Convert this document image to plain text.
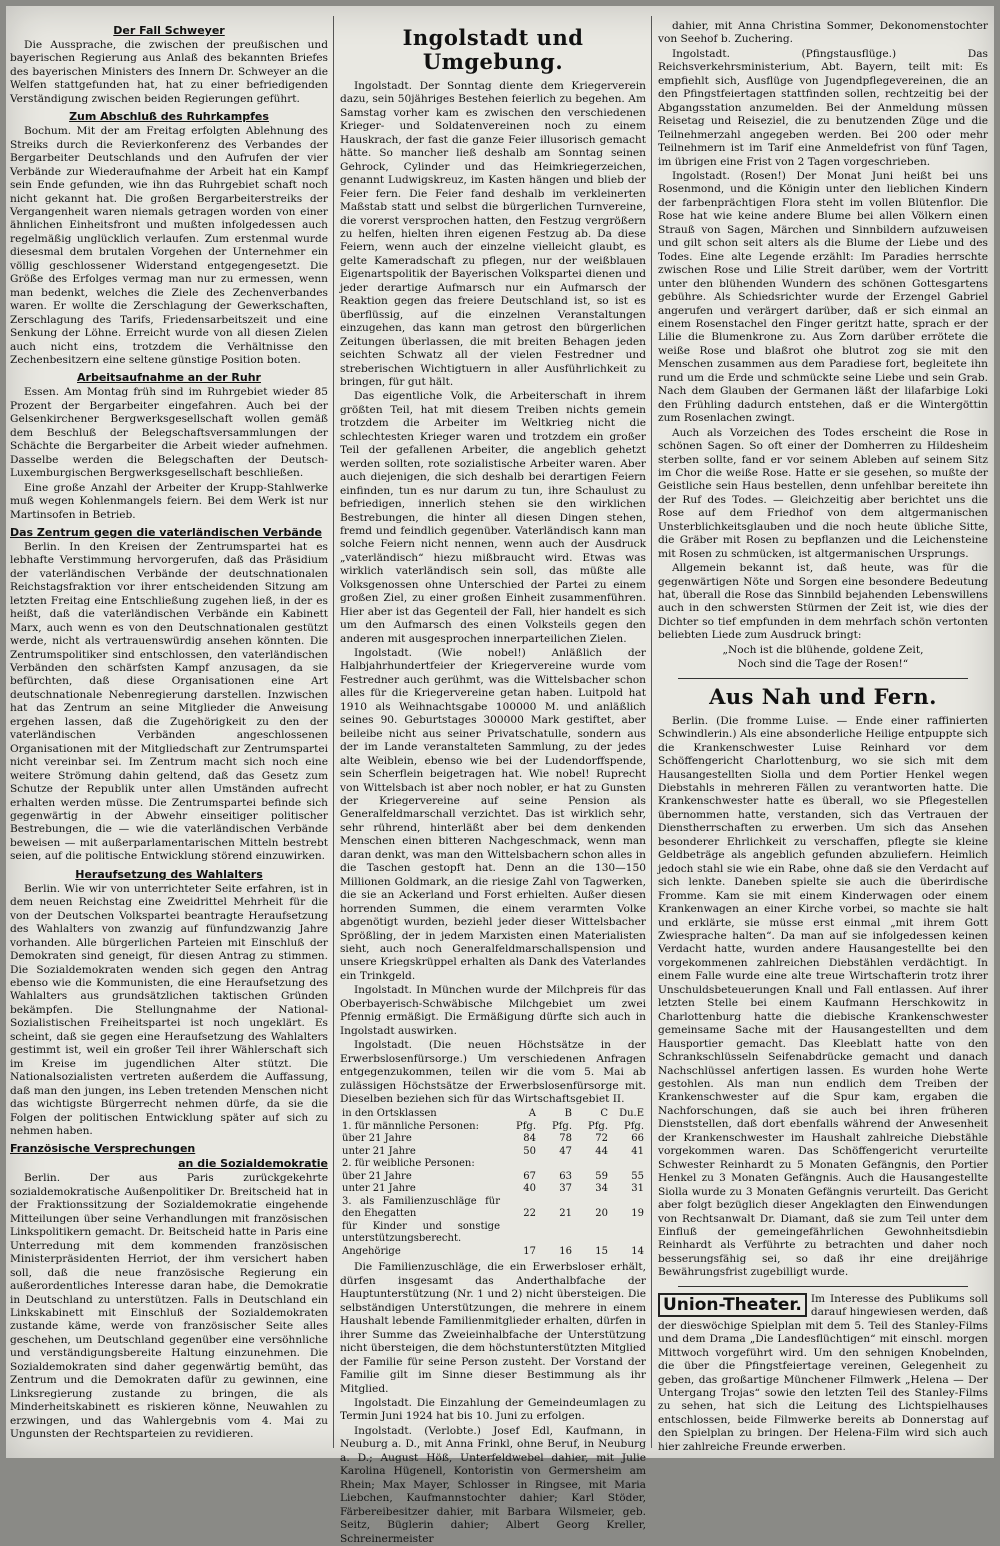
Der Fall Schweyer

Die Aussprache, die zwischen der preußischen und bayerischen Regierung aus Anlaß des bekannten Briefes des bayerischen Ministers des Innern Dr. Schweyer an die Welfen stattgefunden hat, hat zu einer befriedigenden Verständigung zwischen beiden Regierungen geführt.

Zum Abschluß des Ruhrkampfes

Bochum. Mit der am Freitag erfolgten Ablehnung des Streiks durch die Revierkonferenz des Verbandes der Bergarbeiter Deutschlands und den Aufrufen der vier Verbände zur Wiederaufnahme der Arbeit hat ein Kampf sein Ende gefunden, wie ihn das Ruhrgebiet schaft noch nicht gekannt hat. Die großen Bergarbeiterstreiks der Vergangenheit waren niemals getragen worden von einer ähnlichen Einheitsfront und mußten infolgedessen auch regelmäßig unglücklich verlaufen. Zum erstenmal wurde diesesmal dem brutalen Vorgehen der Unternehmer ein völlig geschlossener Widerstand entgegengesetzt. Die Größe des Erfolges vermag man nur zu ermessen, wenn man bedenkt, welches die Ziele des Zechenverbandes waren. Er wollte die Zerschlagung der Gewerkschaften, Zerschlagung des Tarifs, Friedensarbeitszeit und eine Senkung der Löhne. Erreicht wurde von all diesen Zielen auch nicht eins, trotzdem die Verhältnisse den Zechenbesitzern eine seltene günstige Position boten.

Arbeitsaufnahme an der Ruhr

Essen. Am Montag früh sind im Ruhrgebiet wieder 85 Prozent der Bergarbeiter eingefahren. Auch bei der Gelsenkirchener Bergwerksgesellschaft wollen gemäß dem Beschluß der Belegschaftsversammlungen der Schächte die Bergarbeiter die Arbeit wieder aufnehmen. Dasselbe werden die Belegschaften der Deutsch-Luxemburgischen Bergwerksgesellschaft beschließen.

Eine große Anzahl der Arbeiter der Krupp-Stahlwerke muß wegen Kohlenmangels feiern. Bei dem Werk ist nur Martinsofen in Betrieb.

Das Zentrum gegen die vaterländischen Verbände

Berlin. In den Kreisen der Zentrumspartei hat es lebhafte Verstimmung hervorgerufen, daß das Präsidium der vaterländischen Verbände der deutschnationalen Reichstagsfraktion vor ihrer entscheidenden Sitzung am letzten Freitag eine Entschließung zugehen ließ, in der es heißt, daß die vaterländischen Verbände ein Kabinett Marx, auch wenn es von den Deutschnationalen gestützt werde, nicht als vertrauenswürdig ansehen könnten. Die Zentrumspolitiker sind entschlossen, den vaterländischen Verbänden den schärfsten Kampf anzusagen, da sie befürchten, daß diese Organisationen eine Art deutschnationale Nebenregierung darstellen. Inzwischen hat das Zentrum an seine Mitglieder die Anweisung ergehen lassen, daß die Zugehörigkeit zu den der vaterländischen Verbänden angeschlossenen Organisationen mit der Mitgliedschaft zur Zentrumspartei nicht vereinbar sei. Im Zentrum macht sich noch eine weitere Strömung dahin geltend, daß das Gesetz zum Schutze der Republik unter allen Umständen aufrecht erhalten werden müsse. Die Zentrumspartei befinde sich gegenwärtig in der Abwehr einseitiger politischer Bestrebungen, die — wie die vaterländischen Verbände beweisen — mit außerparlamentarischen Mitteln bestrebt seien, auf die politische Entwicklung störend einzuwirken.

Heraufsetzung des Wahlalters

Berlin. Wie wir von unterrichteter Seite erfahren, ist in dem neuen Reichstag eine Zweidrittel Mehrheit für die von der Deutschen Volkspartei beantragte Heraufsetzung des Wahlalters von zwanzig auf fünfundzwanzig Jahre vorhanden. Alle bürgerlichen Parteien mit Einschluß der Demokraten sind geneigt, für diesen Antrag zu stimmen. Die Sozialdemokraten wenden sich gegen den Antrag ebenso wie die Kommunisten, die eine Heraufsetzung des Wahlalters aus grundsätzlichen taktischen Gründen bekämpfen. Die Stellungnahme der National-Sozialistischen Freiheitspartei ist noch ungeklärt. Es scheint, daß sie gegen eine Heraufsetzung des Wahlalters gestimmt ist, weil ein großer Teil ihrer Wählerschaft sich im Kreise im jugendlichen Alter stützt. Die Nationalsozialisten vertreten außerdem die Auffassung, daß man den jungen, ins Leben tretenden Menschen nicht das wichtigste Bürgerrecht nehmen dürfe, da sie die Folgen der politischen Entwicklung später auf sich zu nehmen haben.

Französische Versprechungen
an die Sozialdemokratie

Berlin. Der aus Paris zurückgekehrte sozialdemokratische Außenpolitiker Dr. Breitscheid hat in der Fraktionssitzung der Sozialdemokratie eingehende Mitteilungen über seine Verhandlungen mit französischen Linkspolitikern gemacht. Dr. Beitscheid hatte in Paris eine Unterredung mit dem kommenden französischen Ministerpräsidenten Herriot, der ihm versichert haben soll, daß die neue französische Regierung ein außerordentliches Interesse daran habe, die Demokratie in Deutschland zu unterstützen. Falls in Deutschland ein Linkskabinett mit Einschluß der Sozialdemokraten zustande käme, werde von französischer Seite alles geschehen, um Deutschland gegenüber eine versöhnliche und verständigungsbereite Haltung einzunehmen. Die Sozialdemokraten sind daher gegenwärtig bemüht, das Zentrum und die Demokraten dafür zu gewinnen, eine Linksregierung zustande zu bringen, die als Minderheitskabinett es riskieren könne, Neuwahlen zu erzwingen, und das Wahlergebnis vom 4. Mai zu Ungunsten der Rechtsparteien zu revidieren.

Ingolstadt und Umgebung.

Ingolstadt. Der Sonntag diente dem Kriegerverein dazu, sein 50jähriges Bestehen feierlich zu begehen. Am Samstag vorher kam es zwischen den verschiedenen Krieger- und Soldatenvereinen noch zu einem Hauskrach, der fast die ganze Feier illusorisch gemacht hätte. So mancher ließ deshalb am Sonntag seinen Gehrock, Cylinder und das Heimkriegerzeichen, genannt Ludwigskreuz, im Kasten hängen und blieb der Feier fern. Die Feier fand deshalb im verkleinerten Maßstab statt und selbst die bürgerlichen Turnvereine, die vorerst versprochen hatten, den Festzug vergrößern zu helfen, hielten ihren eigenen Festzug ab. Da diese Feiern, wenn auch der einzelne vielleicht glaubt, es gelte Kameradschaft zu pflegen, nur der weißblauen Eigenartspolitik der Bayerischen Volkspartei dienen und jeder derartige Aufmarsch nur ein Aufmarsch der Reaktion gegen das freiere Deutschland ist, so ist es überflüssig, auf die einzelnen Veranstaltungen einzugehen, das kann man getrost den bürgerlichen Zeitungen überlassen, die mit breiten Behagen jeden seichten Schwatz all der vielen Festredner und streberischen Wichtigtuern in aller Ausführlichkeit zu bringen, für gut hält.

Das eigentliche Volk, die Arbeiterschaft in ihrem größten Teil, hat mit diesem Treiben nichts gemein trotzdem die Arbeiter im Weltkrieg nicht die schlechtesten Krieger waren und trotzdem ein großer Teil der gefallenen Arbeiter, die angeblich gehetzt werden sollten, rote sozialistische Arbeiter waren. Aber auch diejenigen, die sich deshalb bei derartigen Feiern einfinden, tun es nur darum zu tun, ihre Schaulust zu befriedigen, innerlich stehen sie den wirklichen Bestrebungen, die hinter all diesen Dingen stehen, fremd und feindlich gegenüber. Vaterländisch kann man solche Feiern nicht nennen, wenn auch der Ausdruck „vaterländisch“ hiezu mißbraucht wird. Etwas was wirklich vaterländisch sein soll, das müßte alle Volksgenossen ohne Unterschied der Partei zu einem großen Ziel, zu einer großen Einheit zusammenführen. Hier aber ist das Gegenteil der Fall, hier handelt es sich um den Aufmarsch des einen Volksteils gegen den anderen mit ausgesprochen innerparteilichen Zielen.

Ingolstadt. (Wie nobel!) Anläßlich der Halbjahrhundertfeier der Kriegervereine wurde vom Festredner auch gerühmt, was die Wittelsbacher schon alles für die Kriegervereine getan haben. Luitpold hat 1910 als Weihnachtsgabe 100000 M. und anläßlich seines 90. Geburtstages 300000 Mark gestiftet, aber beileibe nicht aus seiner Privatschatulle, sondern aus der im Lande veranstalteten Sammlung, zu der jedes alte Weiblein, ebenso wie bei der Ludendorffspende, sein Scherflein beigetragen hat. Wie nobel! Ruprecht von Wittelsbach ist aber noch nobler, er hat zu Gunsten der Kriegervereine auf seine Pension als Generalfeldmarschall verzichtet. Das ist wirklich sehr, sehr rührend, hinterläßt aber bei dem denkenden Menschen einen bitteren Nachgeschmack, wenn man daran denkt, was man den Wittelsbachern schon alles in die Taschen gestopft hat. Denn an die 130—150 Millionen Goldmark, an die riesige Zahl von Tagwerken, die sie an Ackerland und Forst erhielten. Außer diesen horrenden Summen, die einem verarmten Volke abgenötigt wurden, beziehl jeder dieser Wittelsbacher Sprößling, der in jedem Marxisten einen Materialisten sieht, auch noch Generalfeldmarschallspension und unsere Kriegskrüppel erhalten als Dank des Vaterlandes ein Trinkgeld.

Ingolstadt. In München wurde der Milchpreis für das Oberbayerisch-Schwäbische Milchgebiet um zwei Pfennig ermäßigt. Die Ermäßigung dürfte sich auch in Ingolstadt auswirken.

Ingolstadt. (Die neuen Höchstsätze in der Erwerbslosenfürsorge.) Um verschiedenen Anfragen entgegenzukommen, teilen wir die vom 5. Mai ab zulässigen Höchstsätze der Erwerbslosenfürsorge mit. Dieselben beziehen sich für das Wirtschaftsgebiet II.

in den Ortsklassen	A	B	C	Du.E
1. für männliche Personen:	Pfg.	Pfg.	Pfg.	Pfg.
über 21 Jahre	84	78	72	66
unter 21 Jahre	50	47	44	41
2. für weibliche Personen:				
über 21 Jahre	67	63	59	55
unter 21 Jahre	40	37	34	31
3. als Familienzuschläge für den Ehegatten	22	21	20	19
für Kinder und sonstige unterstützungsberecht. Angehörige	17	16	15	14

Die Familienzuschläge, die ein Erwerbsloser erhält, dürfen insgesamt das Anderthalbfache der Hauptunterstützung (Nr. 1 und 2) nicht übersteigen. Die selbständigen Unterstützungen, die mehrere in einem Haushalt lebende Familienmitglieder erhalten, dürfen in ihrer Summe das Zweieinhalbfache der Unterstützung nicht übersteigen, die dem höchstunterstützten Mitglied der Familie für seine Person zusteht. Der Vorstand der Familie gilt im Sinne dieser Bestimmung als ihr Mitglied.

Ingolstadt. Die Einzahlung der Gemeindeumlagen zu Termin Juni 1924 hat bis 10. Juni zu erfolgen.

Ingolstadt. (Verlobte.) Josef Edl, Kaufmann, in Neuburg a. D., mit Anna Frinkl, ohne Beruf, in Neuburg a. D.; August Höß, Unterfeldwebel dahier, mit Julie Karolina Hügenell, Kontoristin von Germersheim am Rhein; Max Mayer, Schlosser in Ringsee, mit Maria Liebchen, Kaufmannstochter dahier; Karl Stöder, Färbereibesitzer dahier, mit Barbara Wilsmeier, geb. Seitz, Büglerin dahier; Albert Georg Kreller, Schreinermeister

dahier, mit Anna Christina Sommer, Dekonomenstochter von Seehof b. Zuchering.

Ingolstadt. (Pfingstausflüge.) Das Reichsverkehrsministerium, Abt. Bayern, teilt mit: Es empfiehlt sich, Ausflüge von Jugendpflegevereinen, die an den Pfingstfeiertagen stattfinden sollen, rechtzeitig bei der Abgangsstation anzumelden. Bei der Anmeldung müssen Reisetag und Reiseziel, die zu benutzenden Züge und die Teilnehmerzahl angegeben werden. Bei 200 oder mehr Teilnehmern ist im Tarif eine Anmeldefrist von fünf Tagen, im übrigen eine Frist von 2 Tagen vorgeschrieben.

Ingolstadt. (Rosen!) Der Monat Juni heißt bei uns Rosenmond, und die Königin unter den lieblichen Kindern der farbenprächtigen Flora steht im vollen Blütenflor. Die Rose hat wie keine andere Blume bei allen Völkern einen Strauß von Sagen, Märchen und Sinnbildern aufzuweisen und gilt schon seit alters als die Blume der Liebe und des Todes. Eine alte Legende erzählt: Im Paradies herrschte zwischen Rose und Lilie Streit darüber, wem der Vortritt unter den blühenden Wundern des schönen Gottesgartens gebühre. Als Schiedsrichter wurde der Erzengel Gabriel angerufen und verärgert darüber, daß er sich einmal an einem Rosenstachel den Finger geritzt hatte, sprach er der Lilie die Blumenkrone zu. Aus Zorn darüber errötete die weiße Rose und blaßrot ohe blutrot zog sie mit den Menschen zusammen aus dem Paradiese fort, begleitete ihn rund um die Erde und schmückte seine Liebe und sein Grab. Nach dem Glauben der Germanen läßt der lilafarbige Loki den Frühling dadurch entstehen, daß er die Wintergöttin zum Rosenlachen zwingt.

Auch als Vorzeichen des Todes erscheint die Rose in schönen Sagen. So oft einer der Domherren zu Hildesheim sterben sollte, fand er vor seinem Ableben auf seinem Sitz im Chor die weiße Rose. Hatte er sie gesehen, so mußte der Geistliche sein Haus bestellen, denn unfehlbar bereitete ihn der Ruf des Todes. — Gleichzeitig aber berichtet uns die Rose auf dem Friedhof von dem altgermanischen Unsterblichkeitsglauben und die noch heute übliche Sitte, die Gräber mit Rosen zu bepflanzen und die Leichensteine mit Rosen zu schmücken, ist altgermanischen Ursprungs.

Allgemein bekannt ist, daß heute, was für die gegenwärtigen Nöte und Sorgen eine besondere Bedeutung hat, überall die Rose das Sinnbild bejahenden Lebenswillens auch in den schwersten Stürmen der Zeit ist, wie dies der Dichter so tief empfunden in dem mehrfach schön vertonten beliebten Liede zum Ausdruck bringt:

„Noch ist die blühende, goldene Zeit,

Noch sind die Tage der Rosen!“

Aus Nah und Fern.

Berlin. (Die fromme Luise. — Ende einer raffinierten Schwindlerin.) Als eine absonderliche Heilige entpuppte sich die Krankenschwester Luise Reinhard vor dem Schöffengericht Charlottenburg, wo sie sich mit dem Hausangestellten Siolla und dem Portier Henkel wegen Diebstahls in mehreren Fällen zu verantworten hatte. Die Krankenschwester hatte es überall, wo sie Pflegestellen übernommen hatte, verstanden, sich das Vertrauen der Dienstherrschaften zu erwerben. Um sich das Ansehen besonderer Ehrlichkeit zu verschaffen, pflegte sie kleine Geldbeträge als angeblich gefunden abzuliefern. Heimlich jedoch stahl sie wie ein Rabe, ohne daß sie den Verdacht auf sich lenkte. Daneben spielte sie auch die überirdische Fromme. Kam sie mit einem Kinderwagen oder einem Krankenwagen an einer Kirche vorbei, so machte sie halt und erklärte, sie müsse erst einmal „mit ihrem Gott Zwiesprache halten“. Da man auf sie infolgedessen keinen Verdacht hatte, wurden andere Hausangestellte bei den vorgekommenen zahlreichen Diebstählen verdächtigt. In einem Falle wurde eine alte treue Wirtschafterin trotz ihrer Unschuldsbeteuerungen Knall und Fall entlassen. Auf ihrer letzten Stelle bei einem Kaufmann Herschkowitz in Charlottenburg hatte die diebische Krankenschwester gemeinsame Sache mit der Hausangestellten und dem Hausportier gemacht. Das Kleeblatt hatte von den Schrankschlüsseln Seifenabdrücke gemacht und danach Nachschlüssel anfertigen lassen. Es wurden hohe Werte gestohlen. Als man nun endlich dem Treiben der Krankenschwester auf die Spur kam, ergaben die Nachforschungen, daß sie auch bei ihren früheren Dienststellen, daß dort ebenfalls während der Anwesenheit der Krankenschwester im Haushalt zahlreiche Diebstähle vorgekommen waren. Das Schöffengericht verurteilte Schwester Reinhardt zu 5 Monaten Gefängnis, den Portier Henkel zu 3 Monaten Gefängnis. Auch die Hausangestellte Siolla wurde zu 3 Monaten Gefängnis verurteilt. Das Gericht aber folgt bezüglich dieser Angeklagten den Einwendungen von Rechtsanwalt Dr. Diamant, daß sie zum Teil unter dem Einfluß der gemeingefährlichen Gewohnheitsdiebin Reinhardt als Verführte zu betrachten und daher noch besserungsfähig sei, so daß ihr eine dreijährige Bewährungsfrist zugebilligt wurde.

Union-Theater. Im Interesse des Publikums soll darauf hingewiesen werden, daß der dieswöchige Spielplan mit dem 5. Teil des Stanley-Films und dem Drama „Die Landesflüchtigen“ mit einschl. morgen Mittwoch vorgeführt wird. Um den sehnigen Knobelnden, die über die Pfingstfeiertage vereinen, Gelegenheit zu geben, das großartige Münchener Filmwerk „Helena — Der Untergang Trojas“ sowie den letzten Teil des Stanley-Films zu sehen, hat sich die Leitung des Lichtspielhauses entschlossen, beide Filmwerke bereits ab Donnerstag auf den Spielplan zu bringen. Der Helena-Film wird sich auch hier zahlreiche Freunde erwerben.
